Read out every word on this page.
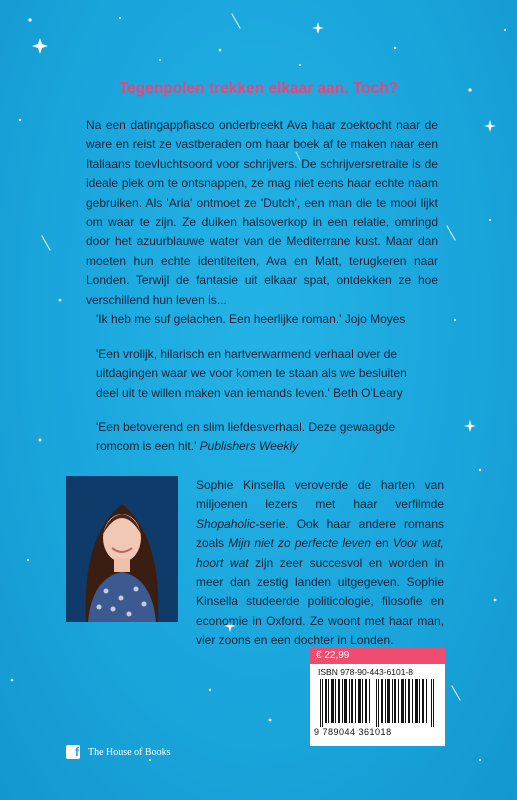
Tegenpolen trekken elkaar aan. Toch?

Na een datingappfiasco onderbreekt Ava haar zoektocht naar de ware en reist ze vastberaden om haar boek af te maken naar een Italiaans toevluchtsoord voor schrijvers. De schrijversretraite is de ideale plek om te ontsnappen, ze mag niet eens haar echte naam gebruiken. Als 'Aria' ontmoet ze 'Dutch', een man die te mooi lijkt om waar te zijn. Ze duiken halsoverkop in een relatie, omringd door het azuurblauwe water van de Mediterrane kust. Maar dan moeten hun echte identiteiten, Ava en Matt, terugkeren naar Londen. Terwijl de fantasie uit elkaar spat, ontdekken ze hoe verschillend hun leven is...

'Ik heb me suf gelachen. Een heerlijke roman.' Jojo Moyes

'Een vrolijk, hilarisch en hartverwarmend verhaal over de uitdagingen waar we voor komen te staan als we besluiten deel uit te willen maken van iemands leven.' Beth O'Leary

'Een betoverend en slim liefdesverhaal. Deze gewaagde romcom is een hit.' Publishers Weekly

Sophie Kinsella veroverde de harten van miljoenen lezers met haar verfilmde Shopaholic-serie. Ook haar andere romans zoals Mijn niet zo perfecte leven en Voor wat, hoort wat zijn zeer succesvol en worden in meer dan zestig landen uitgegeven. Sophie Kinsella studeerde politicologie, filosofie en economie in Oxford. Ze woont met haar man, vier zoons en een dochter in Londen.

€ 22,99
ISBN 978-90-443-6101-8
9 789044 361018
f The House of Books
